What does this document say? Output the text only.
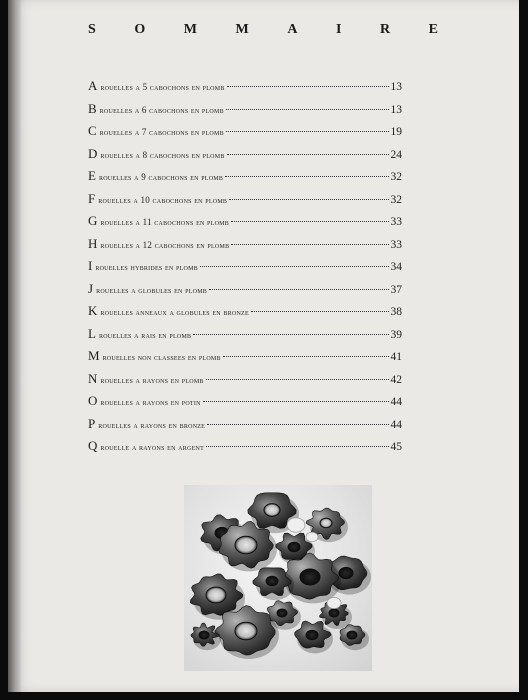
S	O	M	M	A	I	R	E
A rouelles a 5 cabochons en plomb	13
B rouelles a 6 cabochons en plomb	13
C rouelles a 7 cabochons en plomb	19
D rouelles a 8 cabochons en plomb	24
E rouelles a 9 cabochons en plomb	32
F rouelles a 10 cabochons en plomb	32
G rouelles a 11 cabochons en plomb	33
H rouelles a 12 cabochons en plomb	33
I rouelles hybrides en plomb	34
J rouelles a globules en plomb	37
K rouelles anneaux a globules en bronze	38
L rouelles a rais en plomb	39
M rouelles non classees en plomb	41
N rouelles a rayons en plomb	42
O rouelles a rayons en potin	44
P rouelles a rayons en bronze	44
Q rouelle a rayons en argent	45
